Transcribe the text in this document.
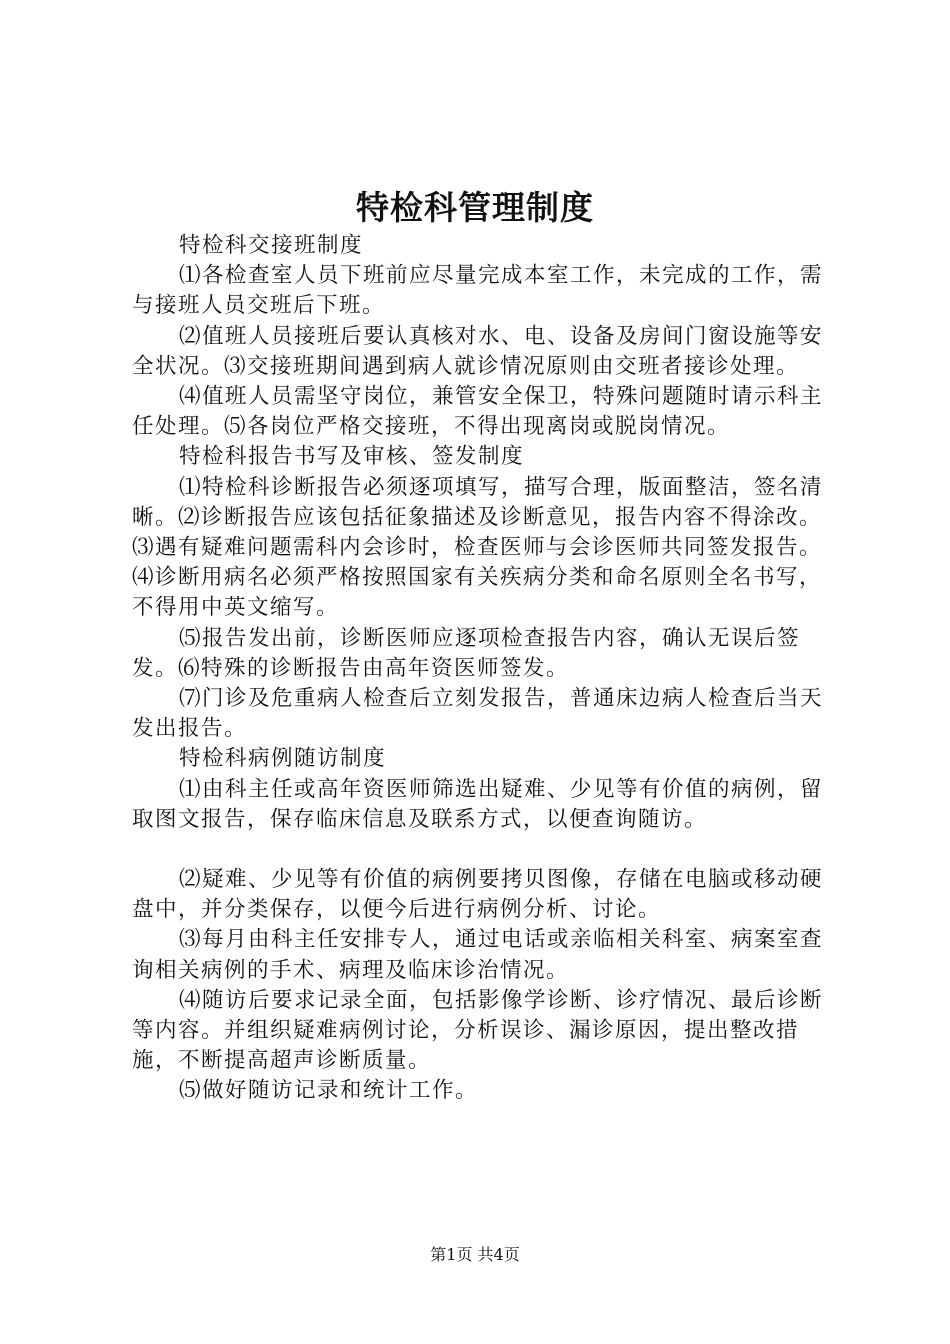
特检科管理制度

特检科交接班制度

⑴各检查室人员下班前应尽量完成本室工作，未完成的工作，需与接班人员交班后下班。

⑵值班人员接班后要认真核对水、电、设备及房间门窗设施等安全状况。⑶交接班期间遇到病人就诊情况原则由交班者接诊处理。

⑷值班人员需坚守岗位，兼管安全保卫，特殊问题随时请示科主任处理。⑸各岗位严格交接班，不得出现离岗或脱岗情况。

特检科报告书写及审核、签发制度

⑴特检科诊断报告必须逐项填写，描写合理，版面整洁，签名清晰。⑵诊断报告应该包括征象描述及诊断意见，报告内容不得涂改。⑶遇有疑难问题需科内会诊时，检查医师与会诊医师共同签发报告。⑷诊断用病名必须严格按照国家有关疾病分类和命名原则全名书写，不得用中英文缩写。

⑸报告发出前，诊断医师应逐项检查报告内容，确认无误后签发。⑹特殊的诊断报告由高年资医师签发。

⑺门诊及危重病人检查后立刻发报告，普通床边病人检查后当天发出报告。

特检科病例随访制度

⑴由科主任或高年资医师筛选出疑难、少见等有价值的病例，留取图文报告，保存临床信息及联系方式，以便查询随访。

⑵疑难、少见等有价值的病例要拷贝图像，存储在电脑或移动硬盘中，并分类保存，以便今后进行病例分析、讨论。

⑶每月由科主任安排专人，通过电话或亲临相关科室、病案室查询相关病例的手术、病理及临床诊治情况。

⑷随访后要求记录全面，包括影像学诊断、诊疗情况、最后诊断等内容。并组织疑难病例讨论，分析误诊、漏诊原因，提出整改措施，不断提高超声诊断质量。

⑸做好随访记录和统计工作。

第1页 共4页
